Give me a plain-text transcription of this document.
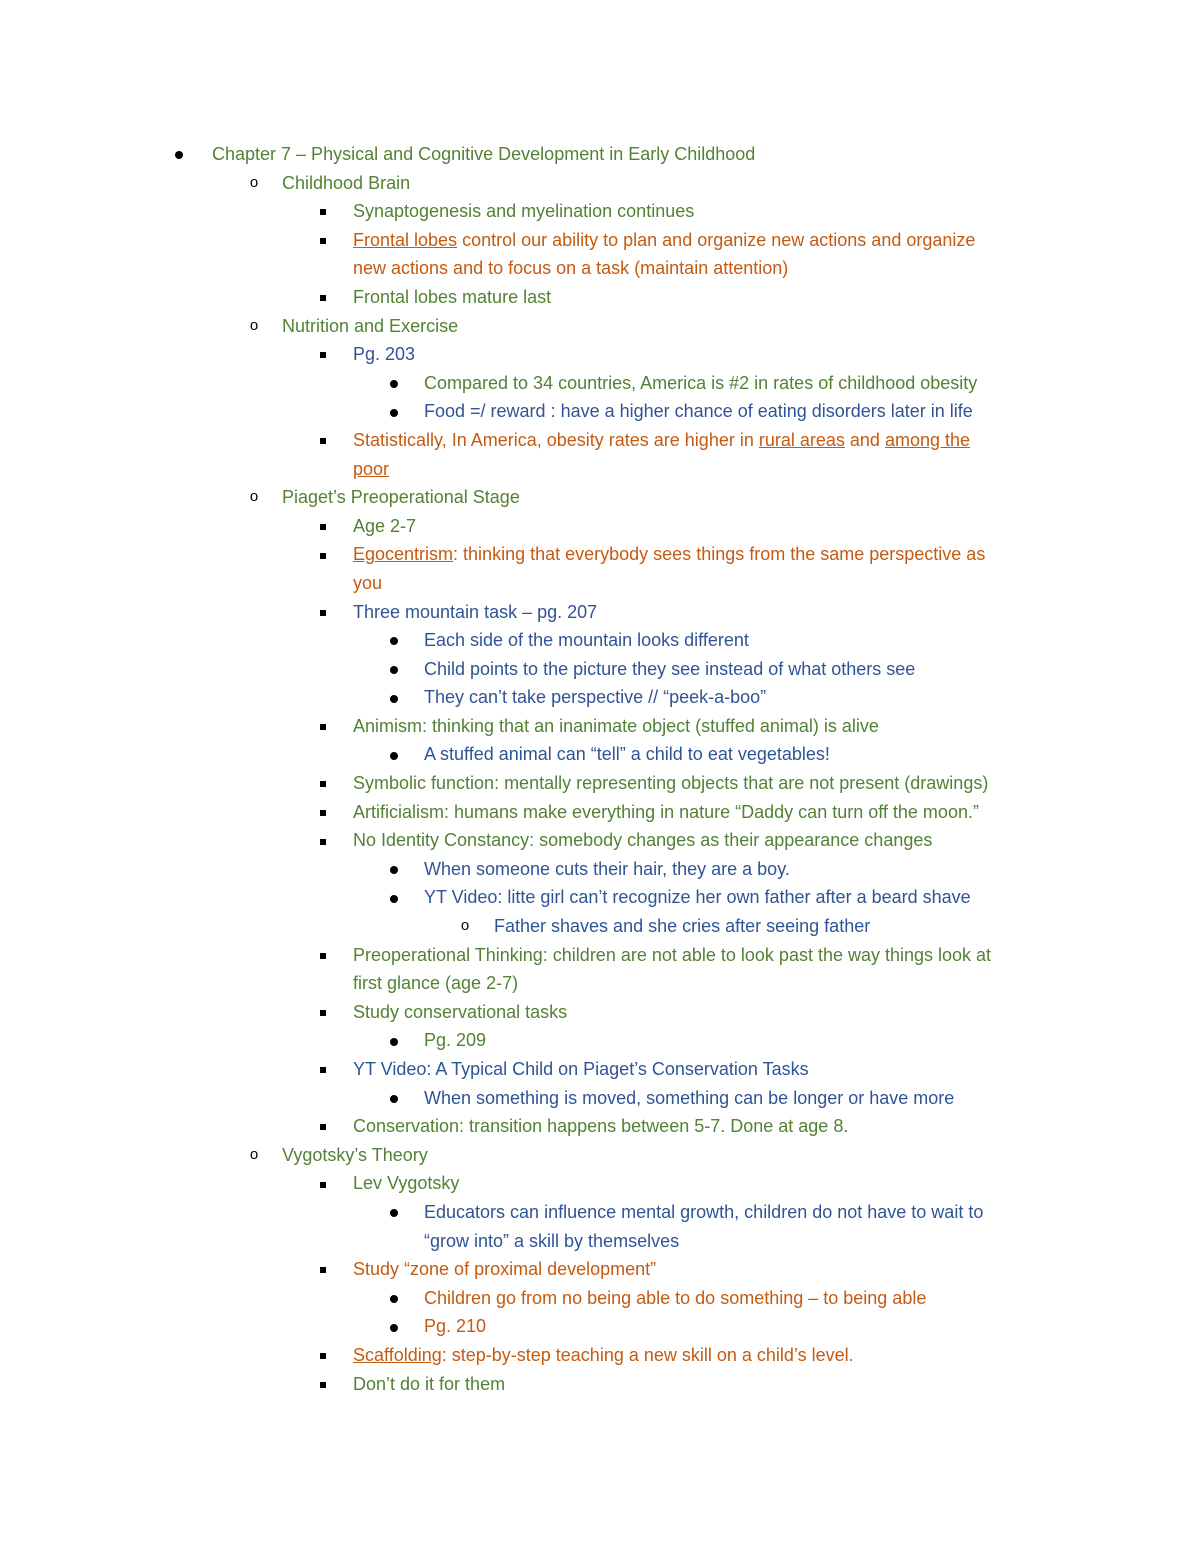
Chapter 7 – Physical and Cognitive Development in Early Childhood
o Childhood Brain
Synaptogenesis and myelination continues
Frontal lobes control our ability to plan and organize new actions and organize
new actions and to focus on a task (maintain attention)
Frontal lobes mature last
o Nutrition and Exercise
Pg. 203
Compared to 34 countries, America is #2 in rates of childhood obesity
Food =/ reward : have a higher chance of eating disorders later in life
Statistically, In America, obesity rates are higher in rural areas and among the
poor
o Piaget’s Preoperational Stage
Age 2-7
Egocentrism: thinking that everybody sees things from the same perspective as
you
Three mountain task – pg. 207
Each side of the mountain looks different
Child points to the picture they see instead of what others see
They can’t take perspective // “peek-a-boo”
Animism: thinking that an inanimate object (stuffed animal) is alive
A stuffed animal can “tell” a child to eat vegetables!
Symbolic function: mentally representing objects that are not present (drawings)
Artificialism: humans make everything in nature “Daddy can turn off the moon.”
No Identity Constancy: somebody changes as their appearance changes
When someone cuts their hair, they are a boy.
YT Video: litte girl can’t recognize her own father after a beard shave
o Father shaves and she cries after seeing father
Preoperational Thinking: children are not able to look past the way things look at
first glance (age 2-7)
Study conservational tasks
Pg. 209
YT Video: A Typical Child on Piaget’s Conservation Tasks
When something is moved, something can be longer or have more
Conservation: transition happens between 5-7. Done at age 8.
o Vygotsky’s Theory
Lev Vygotsky
Educators can influence mental growth, children do not have to wait to
“grow into” a skill by themselves
Study “zone of proximal development”
Children go from no being able to do something – to being able
Pg. 210
Scaffolding: step-by-step teaching a new skill on a child’s level.
Don’t do it for them
